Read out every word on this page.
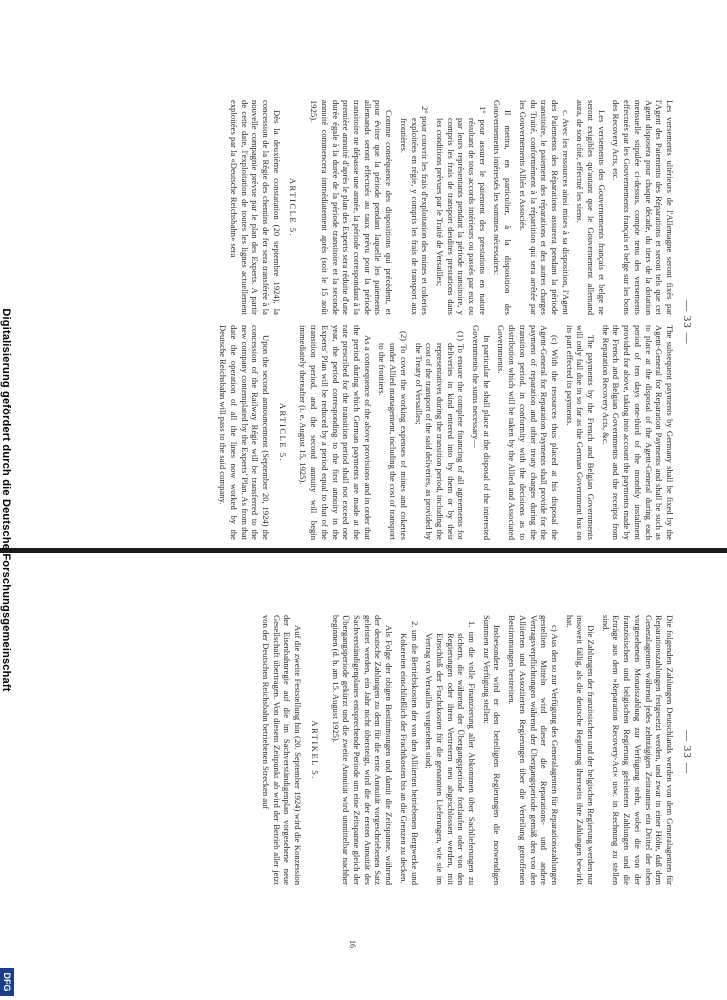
— 33 —

Les versements ultérieurs de l'Allemagne seront fixés par l'Agent des Paiements des Réparations et seront tels que cet Agent disposera pour chaque décade, du tiers de la dotation mensuelle stipulée ci-dessus, compte tenu des versements effectués par les Gouvernements français et belge sur les bons des Recovery Acts, etc.

Les versements des Gouvernements français et belge ne seront exigibles qu'autant que le Gouvernement allemand aura, de son côté, effectué les siens.

c. Avec les ressources ainsi mises à sa disposition, l'Agent des Paiements des Réparations assurera pendant la période transitoire, le paiement des réparations et des autres charges du Traité, conformément à la répartition qui sera arrêtée par les Gouvernements Alliés et Associés.

Il mettra, en particulier, à la disposition des Gouvernements intéressés les sommes nécessaires:

1° pour assurer le paiement des prestations en nature résultant de tous accords intérieurs ou passés par eux ou par leurs représentants pendant la période transitoire, y compris les frais de transport desdites prestations dans les conditions prévues par le Traité de Versailles;

2° pour couvrir les frais d'exploitation des mines et cokeries exploitées en régie, y compris les frais de transport aux frontières.

Comme conséquence des dispositions qui précèdent, et pour éviter que la période pendant laquelle les paiements allemands seront effectués au taux prévu pour la période transitoire ne dépasse une année, la période correspondant à la première annuité d'après le plan des Experts sera réduite d'une durée égale à la durée de la période transitoire et la seconde annuité commencera immédiatement après (soit le 15 août 1925).

ARTICLE 5.

Dès la deuxième constatation (20 septembre 1924), la concession de la Régie des chemins de fer sera transférée à la nouvelle compagnie prévue par le plan des Experts. A partir de cette date, l'exploitation de toutes les lignes actuellement exploitées par la «Deutsche Reichsbahn» sera

The subsequent payments by Germany shall be fixed by the Agent-General for Reparation Payments and shall be such as to place at the disposal of the Agent-General during each period of ten days one-third of the monthly instalment provided for above, taking into account the payments made by the French and Belgian Governments and the receipts from the Reparation Recovery Acts, &c.

The payments by the French and Belgian Governments will only fall due in so far as the German Government has on its part effected its payments.

(c) With the resources thus placed at his disposal the Agent-General for Reparation Payments shall provide for the payment of reparation and other treaty charges during the transition period, in conformity with the decisions as to distribution which will be taken by the Allied and Associated Governments.

In particular he shall place at the disposal of the interested Governments the sums necessary—

(1) To ensure the complete financing of all agreements for deliveries in kind entered into by them or by their representatives during the transition period, including the cost of the transport of the said deliveries, as provided by the Treaty of Versailles;

(2) To cover the working expenses of mines and cokeries under Allied management, including the cost of transport to the frontiers.

As a consequence of the above provisions and in order that the period during which German payments are made at the rate prescribed for the transition period shall not exceed one year, the period corresponding to the first annuity in the Experts' Plan will be reduced by a period equal to that of the transition period, and the second annuity will begin immediately thereafter (i. e. August 15, 1925).

ARTICLE 5.

Upon the second announcement (September 20, 1924) the concession of the Railway Régie will be transferred to the new company contemplated by the Experts' Plan. As from that date the operation of all the lines now worked by the Deutsche Reichsbahn will pass to the said company.

— 33 —

Die folgenden Zahlungen Deutschlands werden von dem Generalagenten für Reparationszahlungen festgesetzt werden, und zwar in einer Höhe, daß dem Generalagenten während jedes zehntägigen Zeitraumes ein Drittel der oben vorgesehenen Monatszahlung zur Verfügung steht, wobei die von der französischen und belgischen Regierung geleisteten Zahlungen und die Erträge aus dem »Reparation Recovery-Act« usw. in Rechnung zu stellen sind.

Die Zahlungen der französischen und der belgischen Regierung werden nur insoweit fällig, als die deutsche Regierung ihrerseits ihre Zahlungen bewirkt hat.

c) Aus den so zur Verfügung des Generalagenten für Reparationszahlungen gestellten Mitteln wird dieser die Reparations- und andere Vertragsverpflichtungen während der Übergangsperiode gemäß den von den Alliierten und Assoziierten Regierungen über die Verteilung getroffenen Bestimmungen bestreiten.

Insbesondere wird er den beteiligten Regierungen die notwendigen Summen zur Verfügung stellen:

1. um die volle Finanzierung aller Abkommen über Sachlieferungen zu sichern, die während der Übergangsperiode fortlaufen oder von den Regierungen oder ihren Vertretern neu abgeschlossen werden, mit Einschluß der Frachtkosten für die genannten Lieferungen, wie sie im Vertrag von Versailles vorgesehen sind;

2. um die Betriebskosten der von den Alliierten betriebenen Bergwerke und Kokereien einschließlich der Frachtkosten bis an die Grenzen zu decken.

Als Folge der obigen Bestimmungen und damit die Zeitspanne, während der deutsche Zahlungen zu dem für die erste Annuität vorgeschriebenen Satz geleistet werden, ein Jahr nicht übersteigt, wird die der ersten Annuität des Sachverständigenplanes entsprechende Periode um eine Zeitspanne gleich der Übergangsperiode gekürzt und die zweite Annuität wird unmittelbar nachher beginnen (d. h. am 15. August 1925).

ARTIKEL 5.

Auf die zweite Feststellung hin (20. September 1924) wird die Konzession der Eisenbahnregie auf die im Sachverständigenplan vorgesehene neue Gesellschaft übertragen. Von diesem Zeitpunkt ab wird der Betrieb aller jetzt von der Deutschen Reichsbahn betriebenen Strecken auf

16
Digitalisierung gefördert durch die Deutsche Forschungsgemeinschaft
DFG
